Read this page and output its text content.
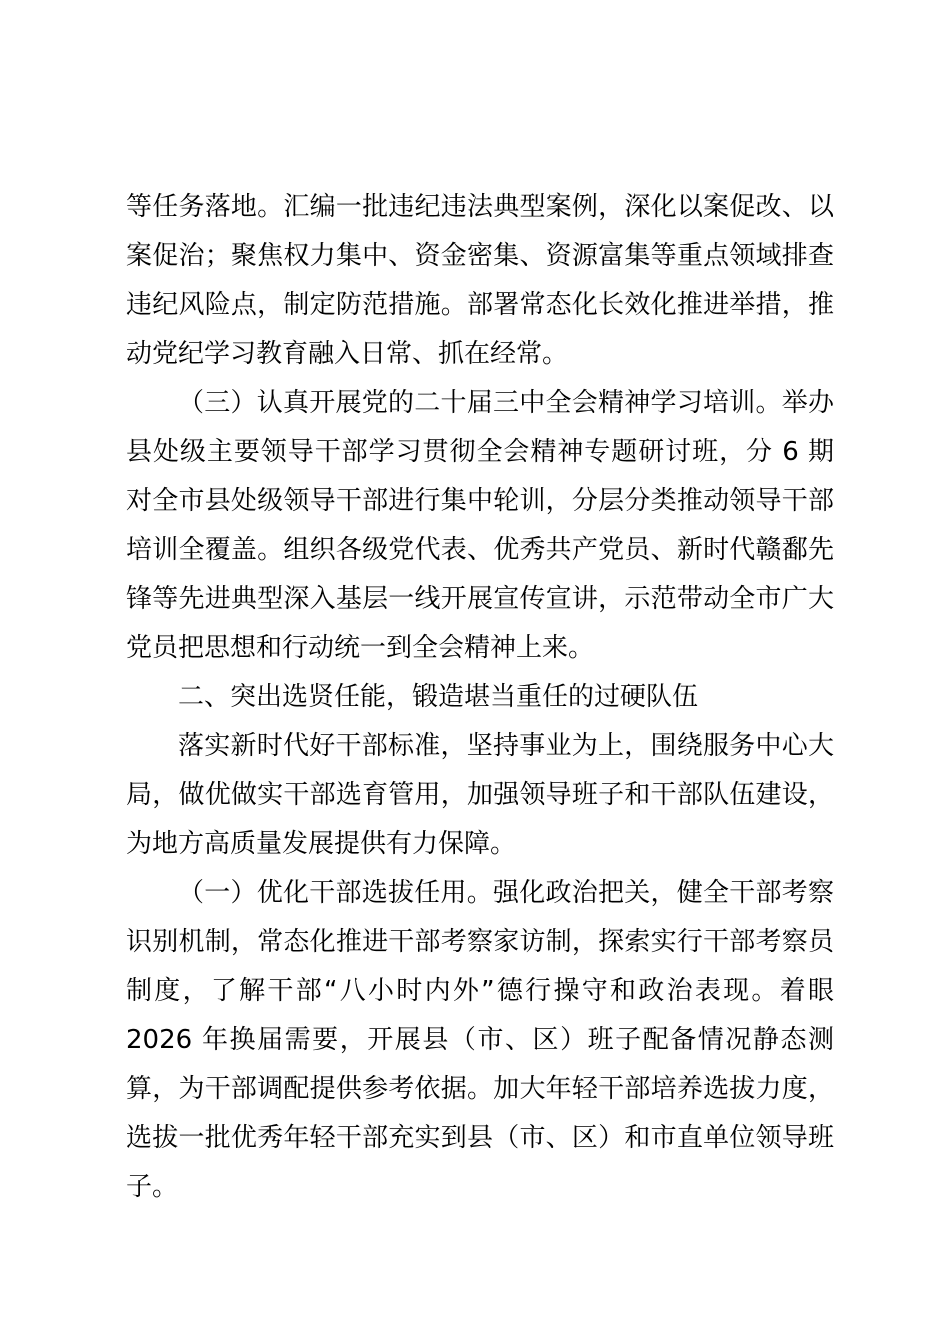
等任务落地。汇编一批违纪违法典型案例，深化以案促改、以案促治；聚焦权力集中、资金密集、资源富集等重点领域排查违纪风险点，制定防范措施。部署常态化长效化推进举措，推动党纪学习教育融入日常、抓在经常。

（三）认真开展党的二十届三中全会精神学习培训。举办县处级主要领导干部学习贯彻全会精神专题研讨班，分 6 期对全市县处级领导干部进行集中轮训，分层分类推动领导干部培训全覆盖。组织各级党代表、优秀共产党员、新时代赣鄱先锋等先进典型深入基层一线开展宣传宣讲，示范带动全市广大党员把思想和行动统一到全会精神上来。

二、突出选贤任能，锻造堪当重任的过硬队伍

落实新时代好干部标准，坚持事业为上，围绕服务中心大局，做优做实干部选育管用，加强领导班子和干部队伍建设，为地方高质量发展提供有力保障。

（一）优化干部选拔任用。强化政治把关，健全干部考察识别机制，常态化推进干部考察家访制，探索实行干部考察员制度，了解干部“八小时内外”德行操守和政治表现。着眼 2026 年换届需要，开展县（市、区）班子配备情况静态测算，为干部调配提供参考依据。加大年轻干部培养选拔力度，选拔一批优秀年轻干部充实到县（市、区）和市直单位领导班子。
